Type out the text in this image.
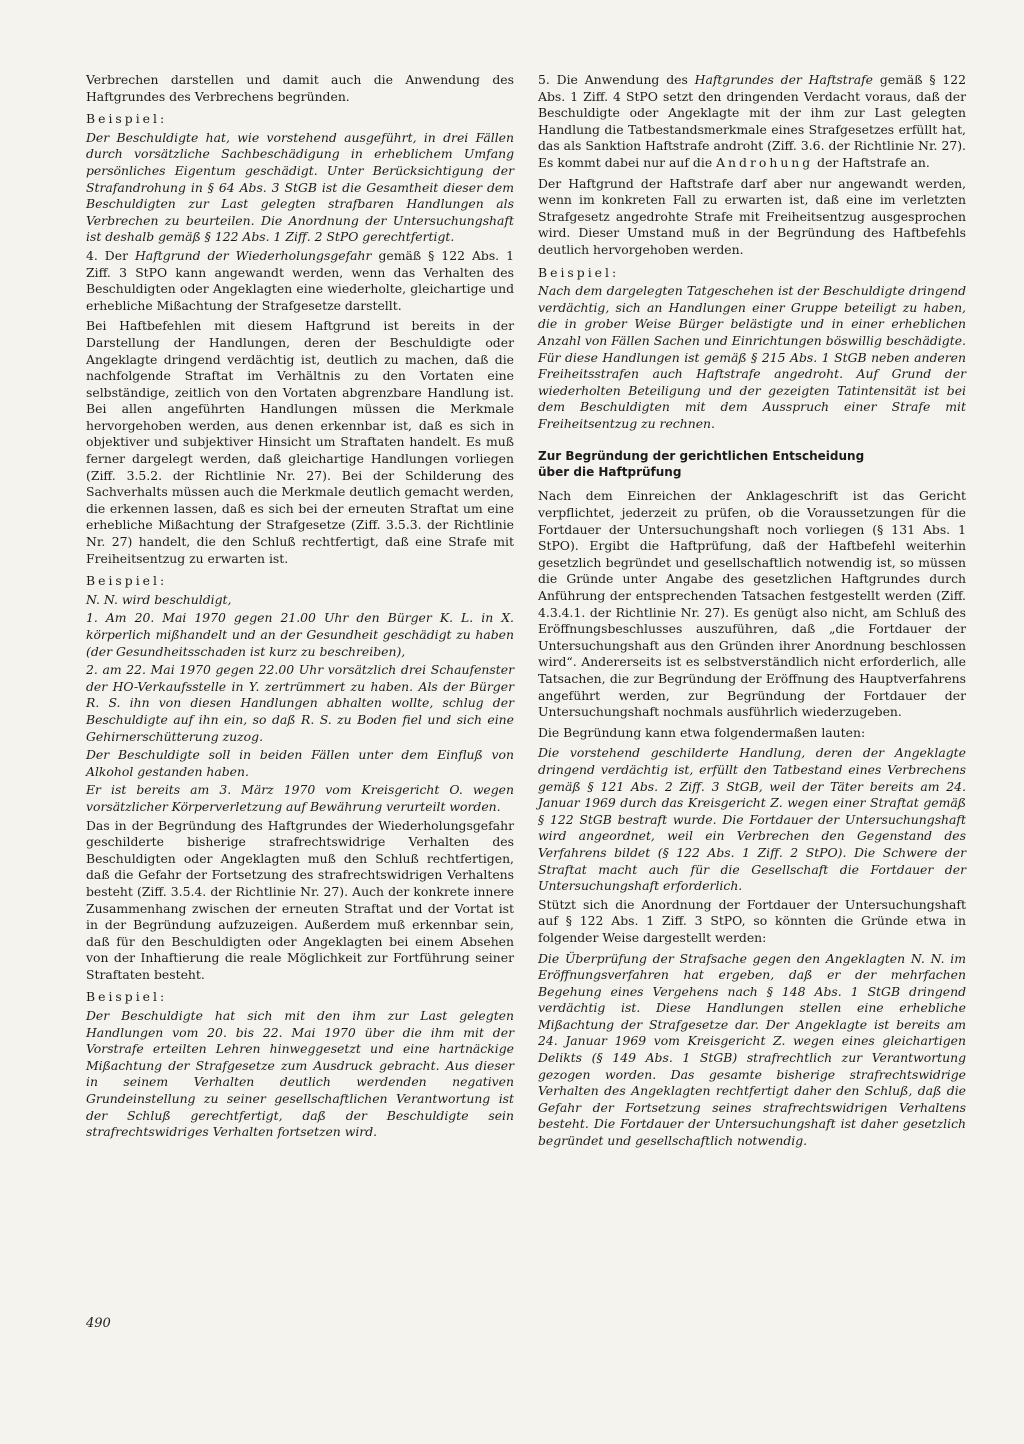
Verbrechen darstellen und damit auch die Anwendung des Haftgrundes des Verbrechens begründen.

Beispiel:

Der Beschuldigte hat, wie vorstehend ausgeführt, in drei Fällen durch vorsätzliche Sachbeschädigung in erheblichem Umfang persönliches Eigentum geschädigt. Unter Berücksichtigung der Strafandrohung in § 64 Abs. 3 StGB ist die Gesamtheit dieser dem Beschuldigten zur Last gelegten strafbaren Handlungen als Verbrechen zu beurteilen. Die Anordnung der Untersuchungshaft ist deshalb gemäß § 122 Abs. 1 Ziff. 2 StPO gerechtfertigt.

4. Der Haftgrund der Wiederholungsgefahr gemäß § 122 Abs. 1 Ziff. 3 StPO kann angewandt werden, wenn das Verhalten des Beschuldigten oder Angeklagten eine wiederholte, gleichartige und erhebliche Mißachtung der Strafgesetze darstellt.

Bei Haftbefehlen mit diesem Haftgrund ist bereits in der Darstellung der Handlungen, deren der Beschuldigte oder Angeklagte dringend verdächtig ist, deutlich zu machen, daß die nachfolgende Straftat im Verhältnis zu den Vortaten eine selbständige, zeitlich von den Vortaten abgrenzbare Handlung ist. Bei allen angeführten Handlungen müssen die Merkmale hervorgehoben werden, aus denen erkennbar ist, daß es sich in objektiver und subjektiver Hinsicht um Straftaten handelt. Es muß ferner dargelegt werden, daß gleichartige Handlungen vorliegen (Ziff. 3.5.2. der Richtlinie Nr. 27). Bei der Schilderung des Sachverhalts müssen auch die Merkmale deutlich gemacht werden, die erkennen lassen, daß es sich bei der erneuten Straftat um eine erhebliche Mißachtung der Strafgesetze (Ziff. 3.5.3. der Richtlinie Nr. 27) handelt, die den Schluß rechtfertigt, daß eine Strafe mit Freiheitsentzug zu erwarten ist.

Beispiel:

N. N. wird beschuldigt,

1. Am 20. Mai 1970 gegen 21.00 Uhr den Bürger K. L. in X. körperlich mißhandelt und an der Gesundheit geschädigt zu haben (der Gesundheitsschaden ist kurz zu beschreiben),

2. am 22. Mai 1970 gegen 22.00 Uhr vorsätzlich drei Schaufenster der HO-Verkaufsstelle in Y. zertrümmert zu haben. Als der Bürger R. S. ihn von diesen Handlungen abhalten wollte, schlug der Beschuldigte auf ihn ein, so daß R. S. zu Boden fiel und sich eine Gehirnerschütterung zuzog.

Der Beschuldigte soll in beiden Fällen unter dem Einfluß von Alkohol gestanden haben.

Er ist bereits am 3. März 1970 vom Kreisgericht O. wegen vorsätzlicher Körperverletzung auf Bewährung verurteilt worden.

Das in der Begründung des Haftgrundes der Wiederholungsgefahr geschilderte bisherige strafrechtswidrige Verhalten des Beschuldigten oder Angeklagten muß den Schluß rechtfertigen, daß die Gefahr der Fortsetzung des strafrechtswidrigen Verhaltens besteht (Ziff. 3.5.4. der Richtlinie Nr. 27). Auch der konkrete innere Zusammenhang zwischen der erneuten Straftat und der Vortat ist in der Begründung aufzuzeigen. Außerdem muß erkennbar sein, daß für den Beschuldigten oder Angeklagten bei einem Absehen von der Inhaftierung die reale Möglichkeit zur Fortführung seiner Straftaten besteht.

Beispiel:

Der Beschuldigte hat sich mit den ihm zur Last gelegten Handlungen vom 20. bis 22. Mai 1970 über die ihm mit der Vorstrafe erteilten Lehren hinweggesetzt und eine hartnäckige Mißachtung der Strafgesetze zum Ausdruck gebracht. Aus dieser in seinem Verhalten deutlich werdenden negativen Grundeinstellung zu seiner gesellschaftlichen Verantwortung ist der Schluß gerechtfertigt, daß der Beschuldigte sein strafrechtswidriges Verhalten fortsetzen wird.

5. Die Anwendung des Haftgrundes der Haftstrafe gemäß § 122 Abs. 1 Ziff. 4 StPO setzt den dringenden Verdacht voraus, daß der Beschuldigte oder Angeklagte mit der ihm zur Last gelegten Handlung die Tatbestandsmerkmale eines Strafgesetzes erfüllt hat, das als Sanktion Haftstrafe androht (Ziff. 3.6. der Richtlinie Nr. 27). Es kommt dabei nur auf die Androhung der Haftstrafe an.

Der Haftgrund der Haftstrafe darf aber nur angewandt werden, wenn im konkreten Fall zu erwarten ist, daß eine im verletzten Strafgesetz angedrohte Strafe mit Freiheitsentzug ausgesprochen wird. Dieser Umstand muß in der Begründung des Haftbefehls deutlich hervorgehoben werden.

Beispiel:

Nach dem dargelegten Tatgeschehen ist der Beschuldigte dringend verdächtig, sich an Handlungen einer Gruppe beteiligt zu haben, die in grober Weise Bürger belästigte und in einer erheblichen Anzahl von Fällen Sachen und Einrichtungen böswillig beschädigte. Für diese Handlungen ist gemäß § 215 Abs. 1 StGB neben anderen Freiheitsstrafen auch Haftstrafe angedroht. Auf Grund der wiederholten Beteiligung und der gezeigten Tatintensität ist bei dem Beschuldigten mit dem Ausspruch einer Strafe mit Freiheitsentzug zu rechnen.

Zur Begründung der gerichtlichen Entscheidung
über die Haftprüfung

Nach dem Einreichen der Anklageschrift ist das Gericht verpflichtet, jederzeit zu prüfen, ob die Voraussetzungen für die Fortdauer der Untersuchungshaft noch vorliegen (§ 131 Abs. 1 StPO). Ergibt die Haftprüfung, daß der Haftbefehl weiterhin gesetzlich begründet und gesellschaftlich notwendig ist, so müssen die Gründe unter Angabe des gesetzlichen Haftgrundes durch Anführung der entsprechenden Tatsachen festgestellt werden (Ziff. 4.3.4.1. der Richtlinie Nr. 27). Es genügt also nicht, am Schluß des Eröffnungsbeschlusses auszuführen, daß „die Fortdauer der Untersuchungshaft aus den Gründen ihrer Anordnung beschlossen wird“. Andererseits ist es selbstverständlich nicht erforderlich, alle Tatsachen, die zur Begründung der Eröffnung des Hauptverfahrens angeführt werden, zur Begründung der Fortdauer der Untersuchungshaft nochmals ausführlich wiederzugeben.

Die Begründung kann etwa folgendermaßen lauten:

Die vorstehend geschilderte Handlung, deren der Angeklagte dringend verdächtig ist, erfüllt den Tatbestand eines Verbrechens gemäß § 121 Abs. 2 Ziff. 3 StGB, weil der Täter bereits am 24. Januar 1969 durch das Kreisgericht Z. wegen einer Straftat gemäß § 122 StGB bestraft wurde. Die Fortdauer der Untersuchungshaft wird angeordnet, weil ein Verbrechen den Gegenstand des Verfahrens bildet (§ 122 Abs. 1 Ziff. 2 StPO). Die Schwere der Straftat macht auch für die Gesellschaft die Fortdauer der Untersuchungshaft erforderlich.

Stützt sich die Anordnung der Fortdauer der Untersuchungshaft auf § 122 Abs. 1 Ziff. 3 StPO, so könnten die Gründe etwa in folgender Weise dargestellt werden:

Die Überprüfung der Strafsache gegen den Angeklagten N. N. im Eröffnungsverfahren hat ergeben, daß er der mehrfachen Begehung eines Vergehens nach § 148 Abs. 1 StGB dringend verdächtig ist. Diese Handlungen stellen eine erhebliche Mißachtung der Strafgesetze dar. Der Angeklagte ist bereits am 24. Januar 1969 vom Kreisgericht Z. wegen eines gleichartigen Delikts (§ 149 Abs. 1 StGB) strafrechtlich zur Verantwortung gezogen worden. Das gesamte bisherige strafrechtswidrige Verhalten des Angeklagten rechtfertigt daher den Schluß, daß die Gefahr der Fortsetzung seines strafrechtswidrigen Verhaltens besteht. Die Fortdauer der Untersuchungshaft ist daher gesetzlich begründet und gesellschaftlich notwendig.

490
